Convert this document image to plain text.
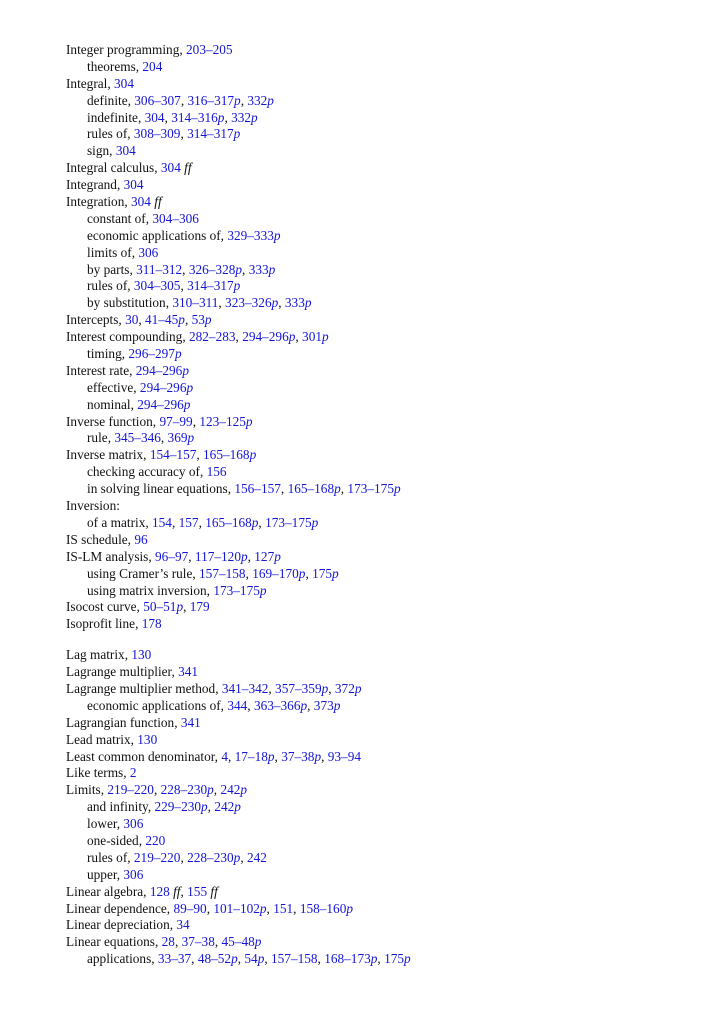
Integer programming, 203–205
theorems, 204
Integral, 304
definite, 306–307, 316–317p, 332p
indefinite, 304, 314–316p, 332p
rules of, 308–309, 314–317p
sign, 304
Integral calculus, 304 ff
Integrand, 304
Integration, 304 ff
constant of, 304–306
economic applications of, 329–333p
limits of, 306
by parts, 311–312, 326–328p, 333p
rules of, 304–305, 314–317p
by substitution, 310–311, 323–326p, 333p
Intercepts, 30, 41–45p, 53p
Interest compounding, 282–283, 294–296p, 301p
timing, 296–297p
Interest rate, 294–296p
effective, 294–296p
nominal, 294–296p
Inverse function, 97–99, 123–125p
rule, 345–346, 369p
Inverse matrix, 154–157, 165–168p
checking accuracy of, 156
in solving linear equations, 156–157, 165–168p, 173–175p
Inversion:
of a matrix, 154, 157, 165–168p, 173–175p
IS schedule, 96
IS-LM analysis, 96–97, 117–120p, 127p
using Cramer’s rule, 157–158, 169–170p, 175p
using matrix inversion, 173–175p
Isocost curve, 50–51p, 179
Isoprofit line, 178
Lag matrix, 130
Lagrange multiplier, 341
Lagrange multiplier method, 341–342, 357–359p, 372p
economic applications of, 344, 363–366p, 373p
Lagrangian function, 341
Lead matrix, 130
Least common denominator, 4, 17–18p, 37–38p, 93–94
Like terms, 2
Limits, 219–220, 228–230p, 242p
and infinity, 229–230p, 242p
lower, 306
one-sided, 220
rules of, 219–220, 228–230p, 242
upper, 306
Linear algebra, 128 ff, 155 ff
Linear dependence, 89–90, 101–102p, 151, 158–160p
Linear depreciation, 34
Linear equations, 28, 37–38, 45–48p
applications, 33–37, 48–52p, 54p, 157–158, 168–173p, 175p
